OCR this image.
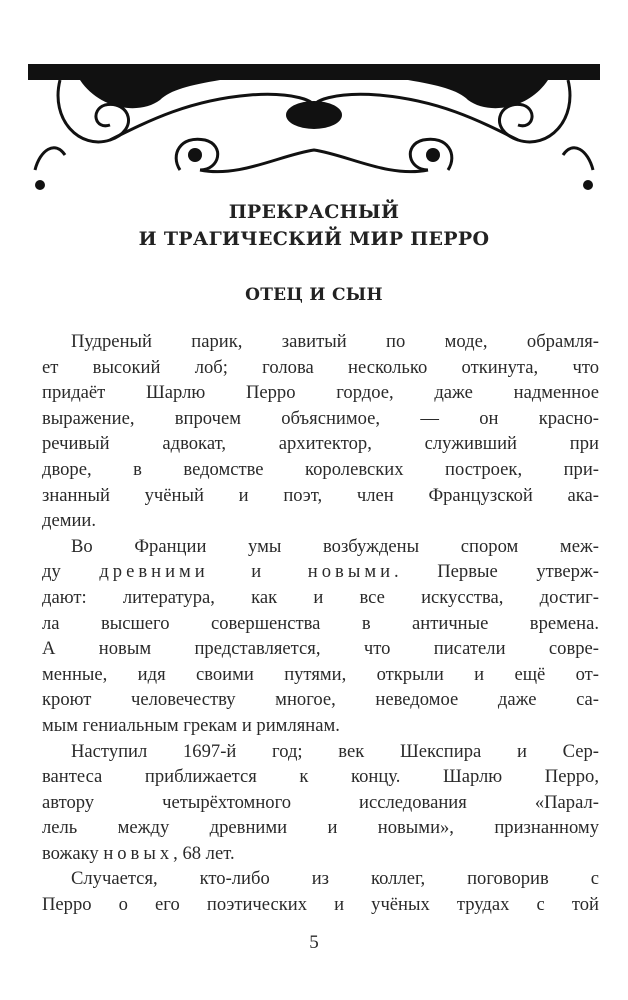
ПРЕКРАСНЫЙ
И ТРАГИЧЕСКИЙ МИР ПЕРРО
ОТЕЦ И СЫН
Пудреный парик, завитый по моде, обрамля-
ет высокий лоб; голова несколько откинута, что
придаёт Шарлю Перро гордое, даже надменное
выражение, впрочем объяснимое, — он красно-
речивый адвокат, архитектор, служивший при
дворе, в ведомстве королевских построек, при-
знанный учёный и поэт, член Французской ака-
демии.
Во Франции умы возбуждены спором меж-
ду древними и новыми. Первые утверж-
дают: литература, как и все искусства, достиг-
ла высшего совершенства в античные времена.
А новым представляется, что писатели совре-
менные, идя своими путями, открыли и ещё от-
кроют человечеству многое, неведомое даже са-
мым гениальным грекам и римлянам.
Наступил 1697-й год; век Шекспира и Сер-
вантеса приближается к концу. Шарлю Перро,
автору четырёхтомного исследования «Парал-
лель между древними и новыми», признанному
вожаку новых, 68 лет.
Случается, кто-либо из коллег, поговорив с
Перро о его поэтических и учёных трудах с той
5
